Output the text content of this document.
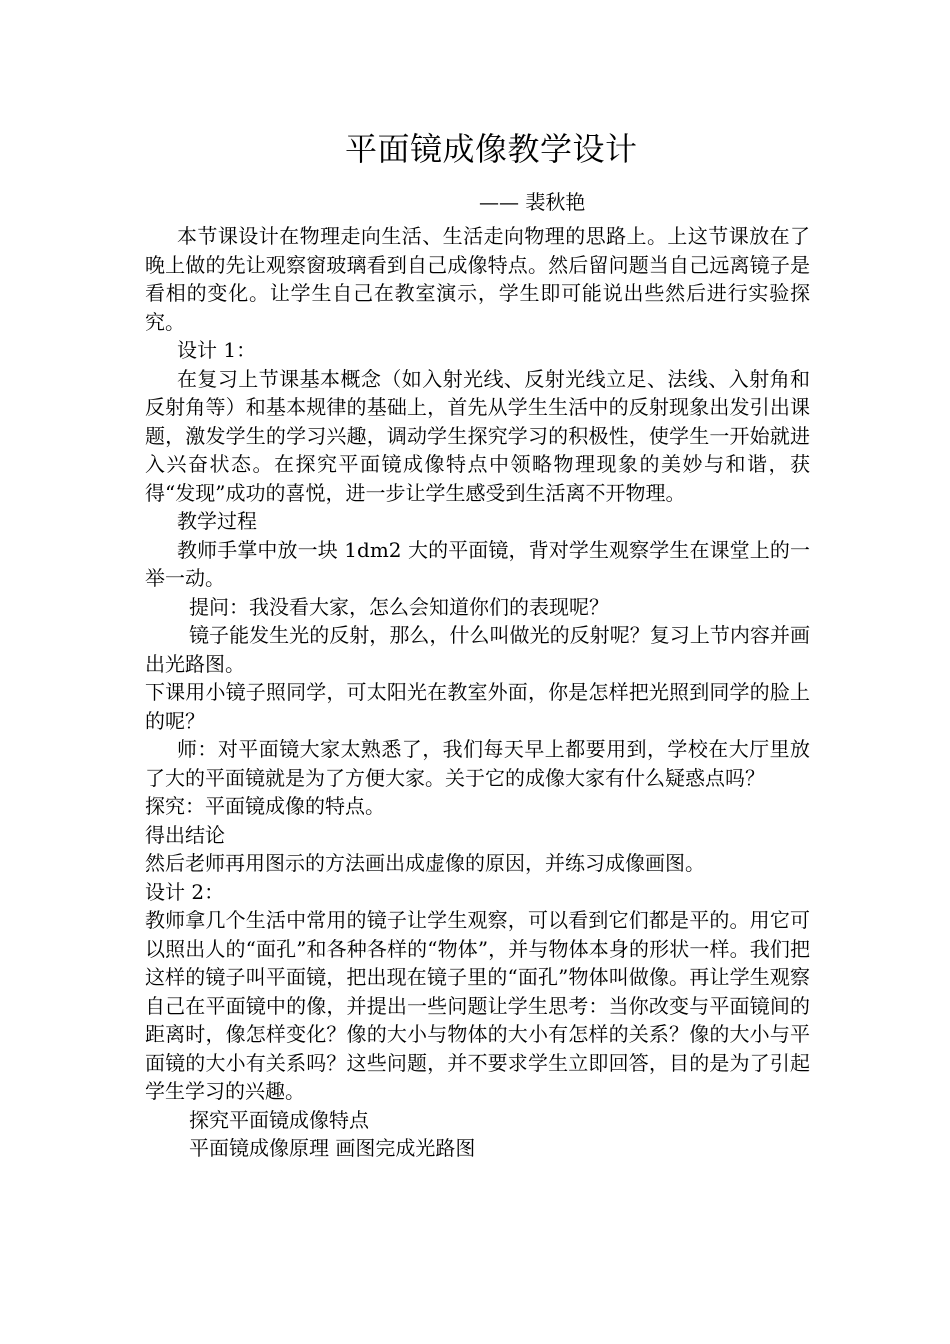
平面镜成像教学设计
—— 裴秋艳

本节课设计在物理走向生活、生活走向物理的思路上。上这节课放在了晚上做的先让观察窗玻璃看到自己成像特点。然后留问题当自己远离镜子是看相的变化。让学生自己在教室演示，学生即可能说出些然后进行实验探究。

设计 1：

在复习上节课基本概念（如入射光线、反射光线立足、法线、入射角和反射角等）和基本规律的基础上，首先从学生生活中的反射现象出发引出课题，激发学生的学习兴趣，调动学生探究学习的积极性，使学生一开始就进入兴奋状态。在探究平面镜成像特点中领略物理现象的美妙与和谐，获得“发现”成功的喜悦，进一步让学生感受到生活离不开物理。

教学过程

教师手掌中放一块 1dm2 大的平面镜，背对学生观察学生在课堂上的一举一动。

提问：我没看大家，怎么会知道你们的表现呢？

镜子能发生光的反射，那么，什么叫做光的反射呢？复习上节内容并画出光路图。

下课用小镜子照同学，可太阳光在教室外面，你是怎样把光照到同学的脸上的呢？

师：对平面镜大家太熟悉了，我们每天早上都要用到，学校在大厅里放了大的平面镜就是为了方便大家。关于它的成像大家有什么疑惑点吗？

探究：平面镜成像的特点。

得出结论

然后老师再用图示的方法画出成虚像的原因，并练习成像画图。

设计 2：

教师拿几个生活中常用的镜子让学生观察，可以看到它们都是平的。用它可以照出人的“面孔”和各种各样的“物体”，并与物体本身的形状一样。我们把这样的镜子叫平面镜，把出现在镜子里的“面孔”物体叫做像。再让学生观察自己在平面镜中的像，并提出一些问题让学生思考：当你改变与平面镜间的距离时，像怎样变化？像的大小与物体的大小有怎样的关系？像的大小与平面镜的大小有关系吗？这些问题，并不要求学生立即回答，目的是为了引起学生学习的兴趣。

探究平面镜成像特点

平面镜成像原理 画图完成光路图
